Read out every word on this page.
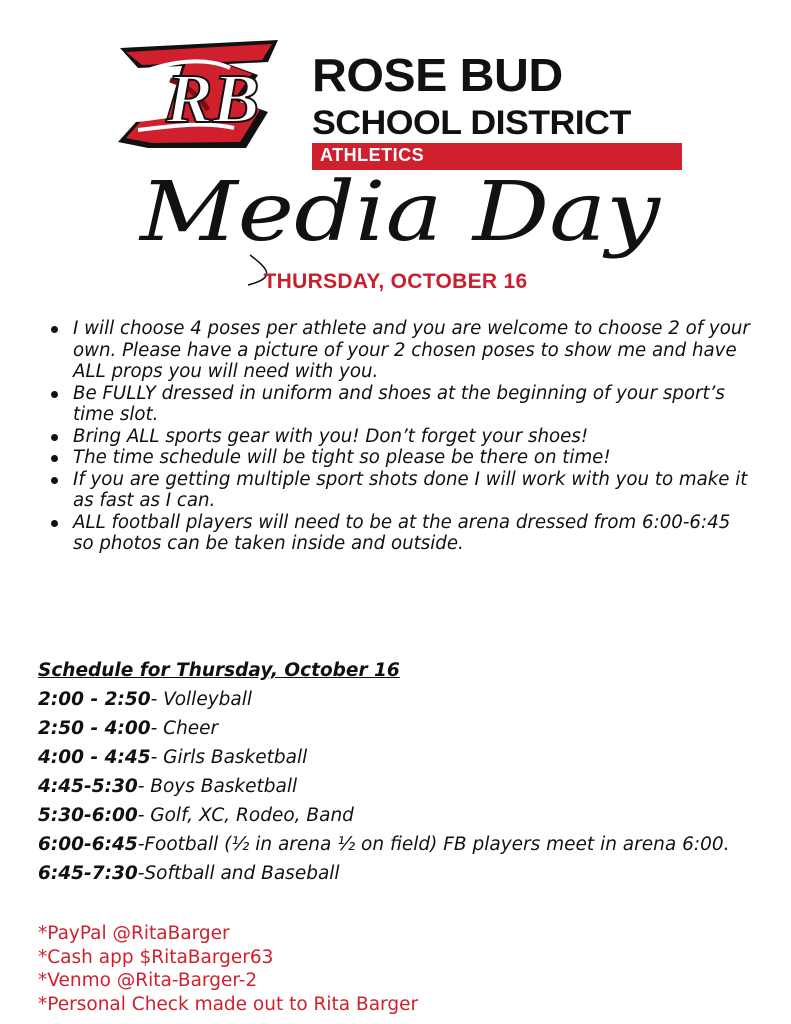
RB ROSE BUD
SCHOOL DISTRICT
ATHLETICS
Media Day
THURSDAY, OCTOBER 16
I will choose 4 poses per athlete and you are welcome to choose 2 of your own. Please have a picture of your 2 chosen poses to show me and have ALL props you will need with you.
Be FULLY dressed in uniform and shoes at the beginning of your sport’s time slot.
Bring ALL sports gear with you! Don’t forget your shoes!
The time schedule will be tight so please be there on time!
If you are getting multiple sport shots done I will work with you to make it as fast as I can.
ALL football players will need to be at the arena dressed from 6:00-6:45 so photos can be taken inside and outside.
Schedule for Thursday, October 16
2:00 - 2:50- Volleyball
2:50 - 4:00- Cheer
4:00 - 4:45- Girls Basketball
4:45-5:30- Boys Basketball
5:30-6:00- Golf, XC, Rodeo, Band
6:00-6:45-Football (½ in arena ½ on field) FB players meet in arena 6:00.
6:45-7:30-Softball and Baseball
*PayPal @RitaBarger
*Cash app $RitaBarger63
*Venmo @Rita-Barger-2
*Personal Check made out to Rita Barger
